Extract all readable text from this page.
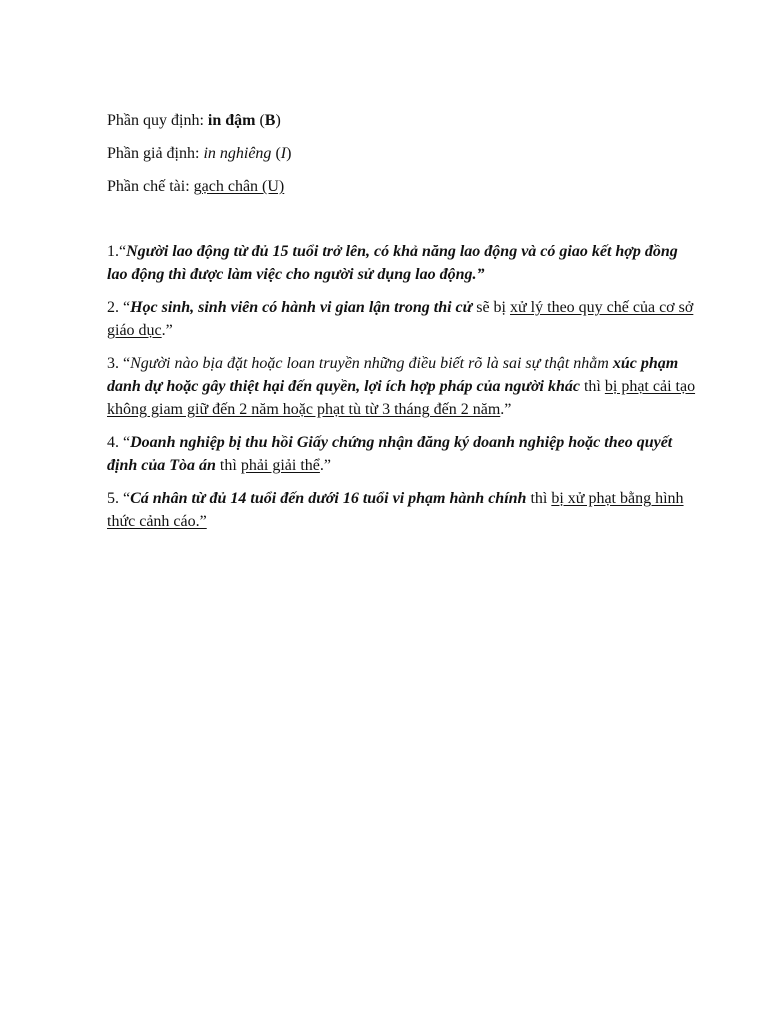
Phần quy định: in đậm (B)

Phần giả định: in nghiêng (I)

Phần chế tài: gạch chân (U)

1.“Người lao động từ đủ 15 tuổi trở lên, có khả năng lao động và có giao kết hợp đồng lao động thì được làm việc cho người sử dụng lao động.”

2. “Học sinh, sinh viên có hành vi gian lận trong thi cử sẽ bị xử lý theo quy chế của cơ sở giáo dục.”

3. “Người nào bịa đặt hoặc loan truyền những điều biết rõ là sai sự thật nhằm xúc phạm danh dự hoặc gây thiệt hại đến quyền, lợi ích hợp pháp của người khác thì bị phạt cải tạo không giam giữ đến 2 năm hoặc phạt tù từ 3 tháng đến 2 năm.”

4. “Doanh nghiệp bị thu hồi Giấy chứng nhận đăng ký doanh nghiệp hoặc theo quyết định của Tòa án thì phải giải thể.”

5. “Cá nhân từ đủ 14 tuổi đến dưới 16 tuổi vi phạm hành chính thì bị xử phạt bằng hình thức cảnh cáo.”
